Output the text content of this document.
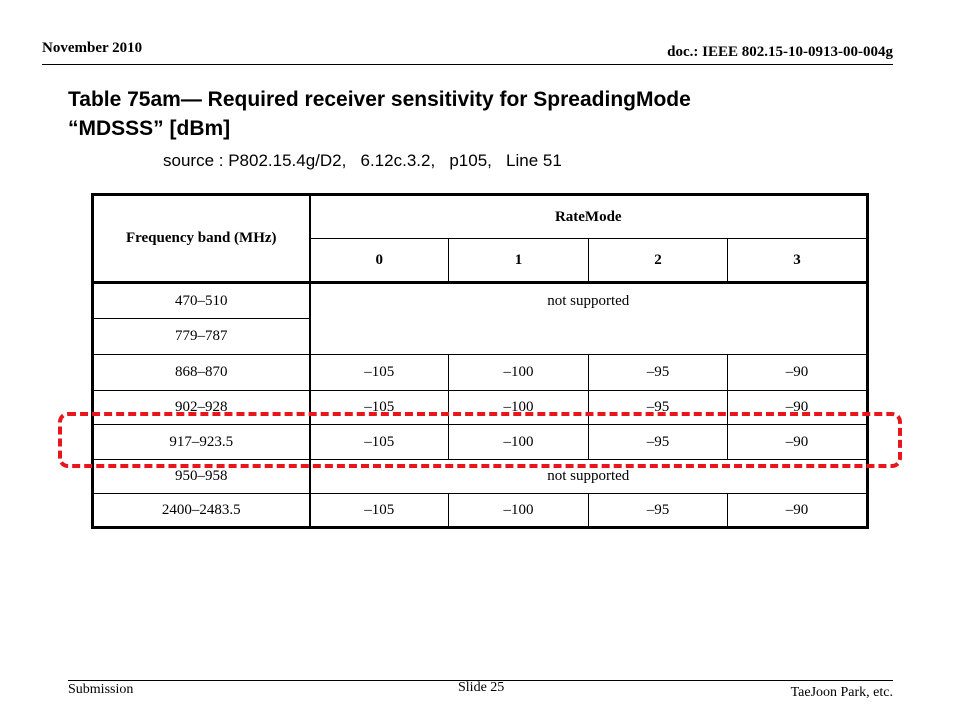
November 2010	doc.: IEEE 802.15-10-0913-00-004g
Table 75am— Required receiver sensitivity for SpreadingMode
“MDSSS” [dBm]
source : P802.15.4g/D2,   6.12c.3.2,   p105,   Line 51
Frequency band (MHz)	RateMode			
	0	1	2	3
470–510	not supported			
779–787				
868–870	–105	–100	–95	–90
902–928	–105	–100	–95	–90
917–923.5	–105	–100	–95	–90
950–958	not supported			
2400–2483.5	–105	–100	–95	–90
Submission	Slide 25	TaeJoon Park, etc.
